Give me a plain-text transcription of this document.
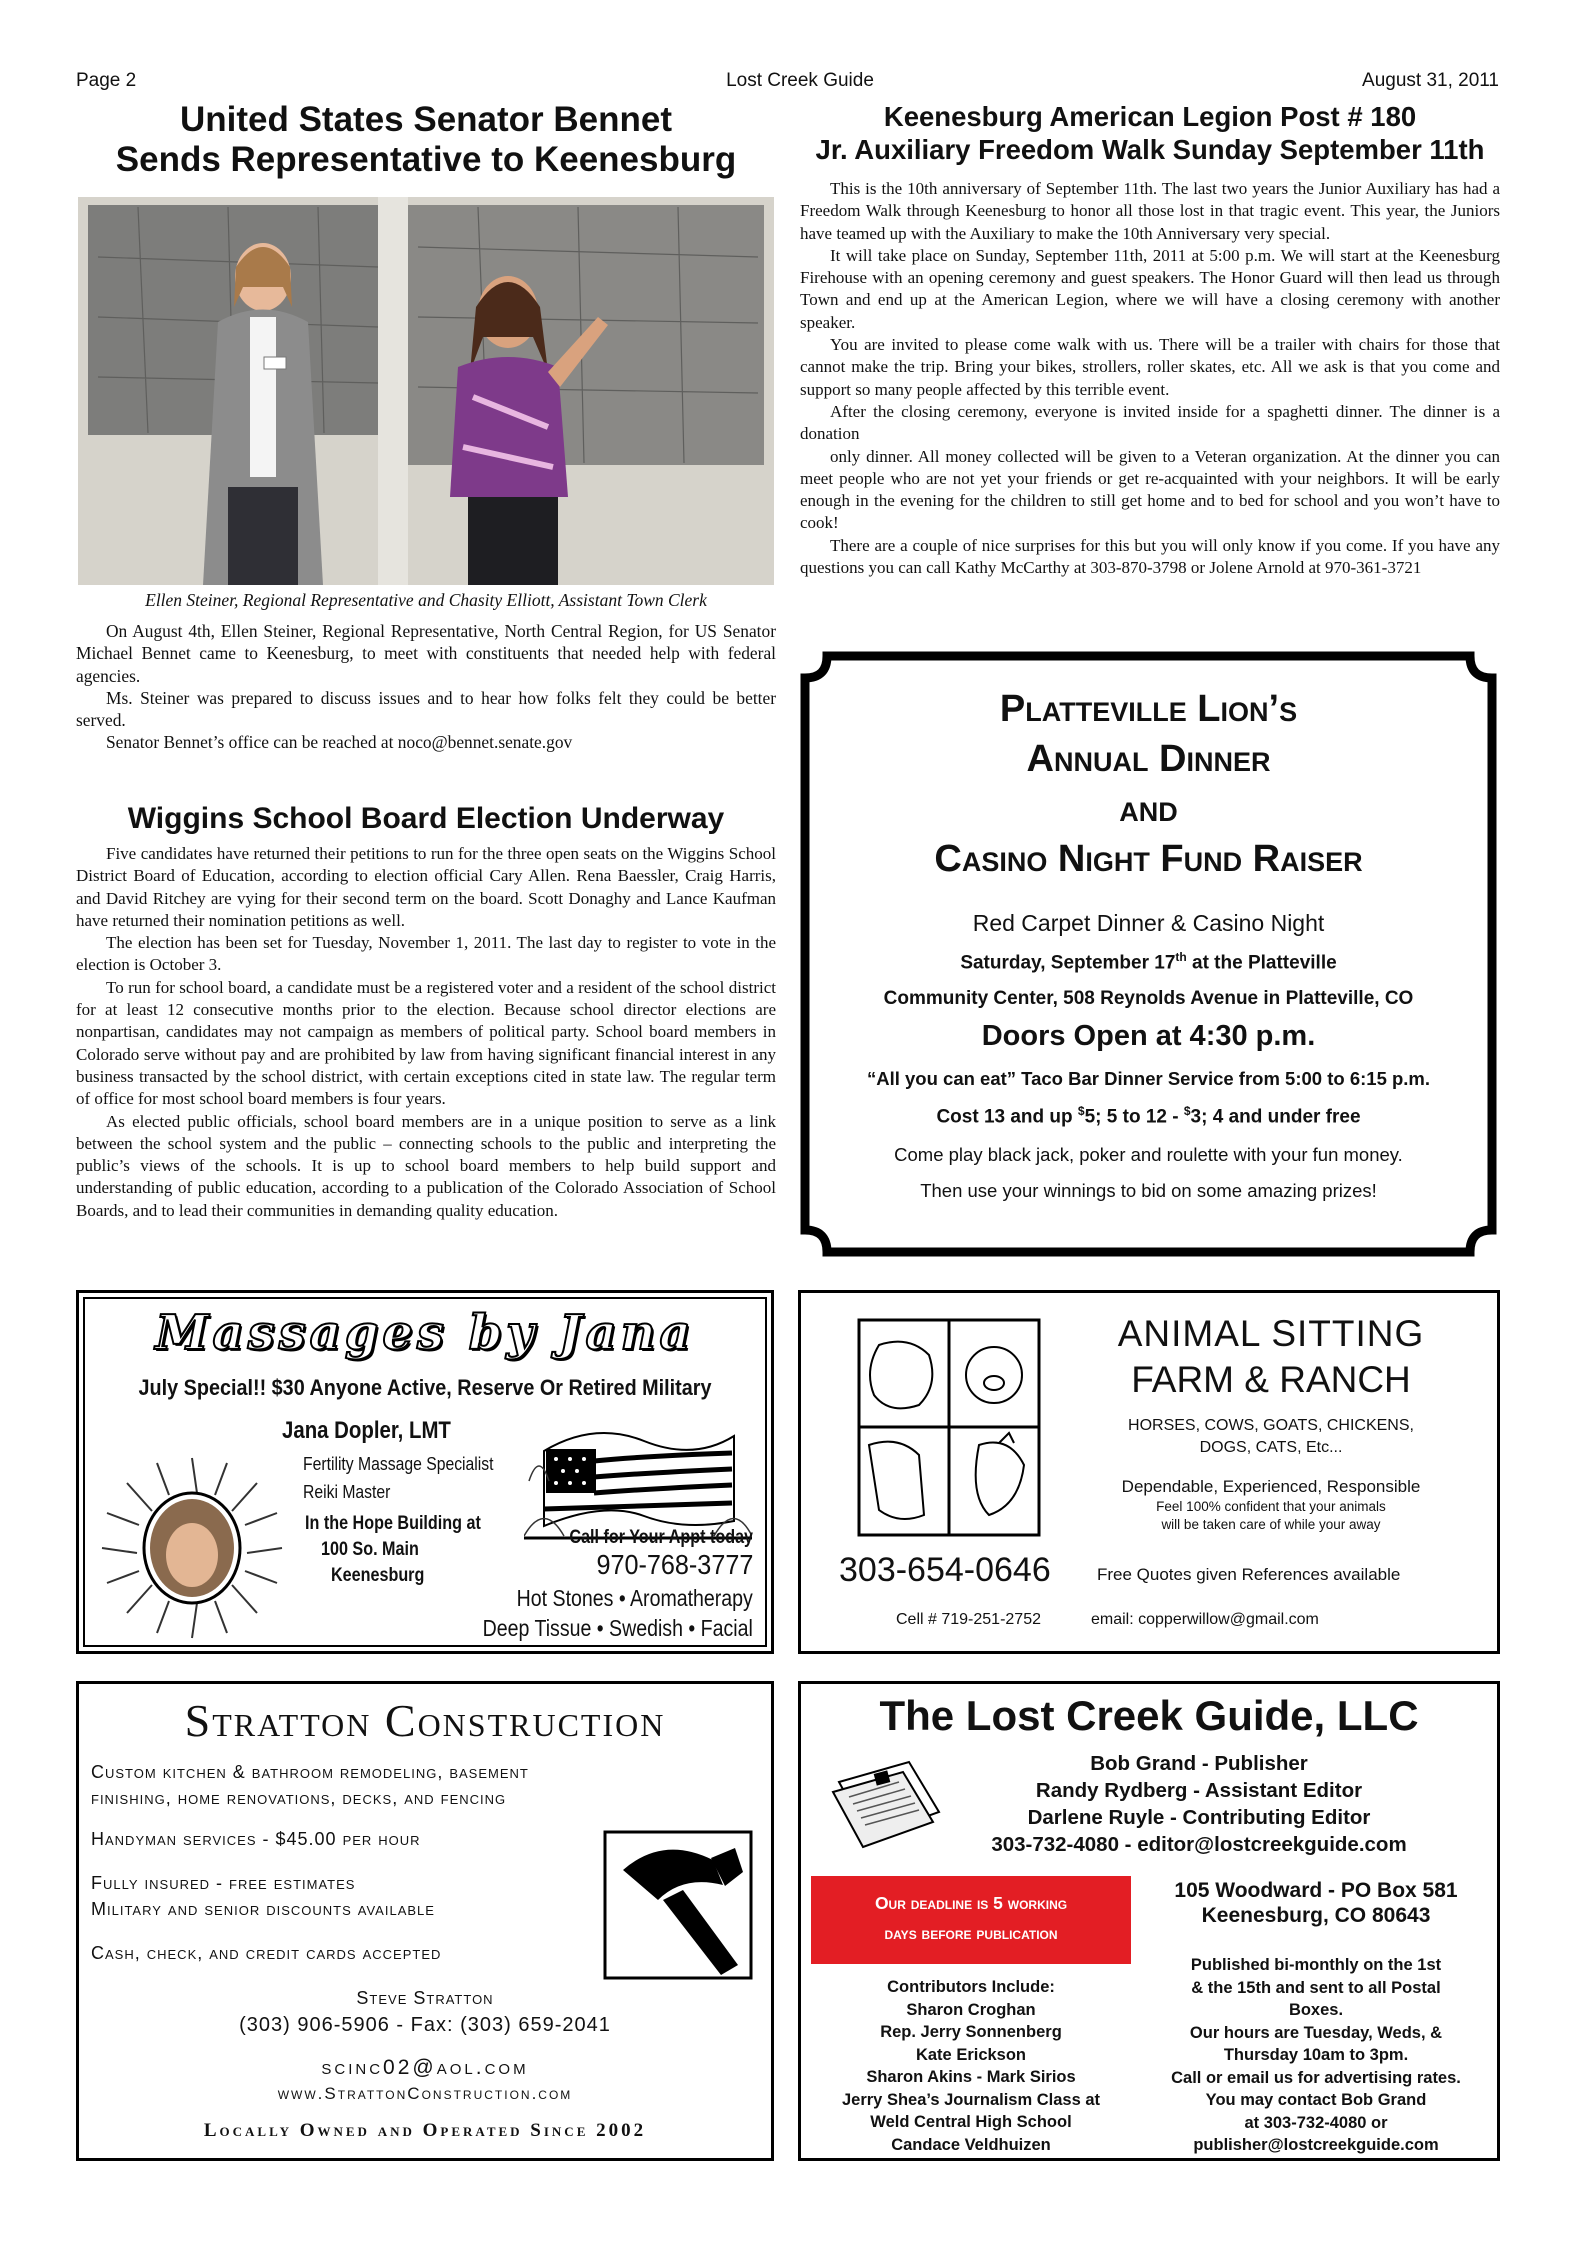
Page 2	Lost Creek Guide	August 31, 2011
United States Senator Bennet
Sends Representative to Keenesburg
Ellen Steiner, Regional Representative and Chasity Elliott, Assistant Town Clerk

On August 4th, Ellen Steiner, Regional Representative, North Central Region, for US Senator Michael Bennet came to Keenesburg, to meet with constituents that needed help with federal agencies.

Ms. Steiner was prepared to discuss issues and to hear how folks felt they could be better served.

Senator Bennet’s office can be reached at noco@bennet.senate.gov

Wiggins School Board Election Underway

Five candidates have returned their petitions to run for the three open seats on the Wiggins School District Board of Education, according to election official Cary Allen. Rena Baessler, Craig Harris, and David Ritchey are vying for their second term on the board. Scott Donaghy and Lance Kaufman have returned their nomination petitions as well.

The election has been set for Tuesday, November 1, 2011. The last day to register to vote in the election is October 3.

To run for school board, a candidate must be a registered voter and a resident of the school district for at least 12 consecutive months prior to the election. Because school director elections are nonpartisan, candidates may not campaign as members of political party. School board members in Colorado serve without pay and are prohibited by law from having significant financial interest in any business transacted by the school district, with certain exceptions cited in state law. The regular term of office for most school board members is four years.

As elected public officials, school board members are in a unique position to serve as a link between the school system and the public – connecting schools to the public and interpreting the public’s views of the schools. It is up to school board members to help build support and understanding of public education, according to a publication of the Colorado Association of School Boards, and to lead their communities in demanding quality education.

Keenesburg American Legion Post # 180
Jr. Auxiliary Freedom Walk Sunday September 11th

This is the 10th anniversary of September 11th. The last two years the Junior Auxiliary has had a Freedom Walk through Keenesburg to honor all those lost in that tragic event. This year, the Juniors have teamed up with the Auxiliary to make the 10th Anniversary very special.

It will take place on Sunday, September 11th, 2011 at 5:00 p.m. We will start at the Keenesburg Firehouse with an opening ceremony and guest speakers. The Honor Guard will then lead us through Town and end up at the American Legion, where we will have a closing ceremony with another speaker.

You are invited to please come walk with us. There will be a trailer with chairs for those that cannot make the trip. Bring your bikes, strollers, roller skates, etc. All we ask is that you come and support so many people affected by this terrible event.

After the closing ceremony, everyone is invited inside for a spaghetti dinner. The dinner is a donation

only dinner. All money collected will be given to a Veteran organization. At the dinner you can meet people who are not yet your friends or get re-acquainted with your neighbors. It will be early enough in the evening for the children to still get home and to bed for school and you won’t have to cook!

There are a couple of nice surprises for this but you will only know if you come. If you have any questions you can call Kathy McCarthy at 303-870-3798 or Jolene Arnold at 970-361-3721

Platteville Lion’s
Annual Dinner
and
Casino Night Fund Raiser
Red Carpet Dinner & Casino Night
Saturday, September 17th at the Platteville
Community Center, 508 Reynolds Avenue in Platteville, CO
Doors Open at 4:30 p.m.
“All you can eat” Taco Bar Dinner Service from 5:00 to 6:15 p.m.
Cost 13 and up $5; 5 to 12 - $3; 4 and under free
Come play black jack, poker and roulette with your fun money.
Then use your winnings to bid on some amazing prizes!
Massages by Jana
July Special!! $30 Anyone Active, Reserve Or Retired Military
Jana Dopler, LMT
Fertility Massage Specialist
Reiki Master
In the Hope Building at
100 So. Main
Keenesburg
Call for Your Appt today
970-768-3777
Hot Stones • Aromatherapy
Deep Tissue • Swedish • Facial
ANIMAL SITTING
FARM & RANCH
HORSES, COWS, GOATS, CHICKENS,
DOGS, CATS, Etc...
Dependable, Experienced, Responsible
Feel 100% confident that your animals
will be taken care of while your away
303-654-0646	Free Quotes given References available
Cell # 719-251-2752	email: copperwillow@gmail.com
Stratton Construction
Custom kitchen & bathroom remodeling, basement
finishing, home renovations, decks, and fencing
Handyman services - $45.00 per hour
Fully insured - free estimates
Military and senior discounts available
Cash, check, and credit cards accepted
Steve Stratton
(303) 906-5906 - Fax: (303) 659-2041
scinc02@aol.com
www.StrattonConstruction.com
Locally Owned and Operated Since 2002
The Lost Creek Guide, LLC
Bob Grand - Publisher
Randy Rydberg - Assistant Editor
Darlene Ruyle - Contributing Editor
303-732-4080 - editor@lostcreekguide.com
Our deadline is 5 working
days before publication
105 Woodward - PO Box 581
Keenesburg, CO 80643
Contributors Include:
Sharon Croghan
Rep. Jerry Sonnenberg
Kate Erickson
Sharon Akins - Mark Sirios
Jerry Shea’s Journalism Class at
Weld Central High School
Candace Veldhuizen
Published bi-monthly on the 1st
& the 15th and sent to all Postal
Boxes.
Our hours are Tuesday, Weds, &
Thursday 10am to 3pm.
Call or email us for advertising rates.
You may contact Bob Grand
at 303-732-4080 or
publisher@lostcreekguide.com
